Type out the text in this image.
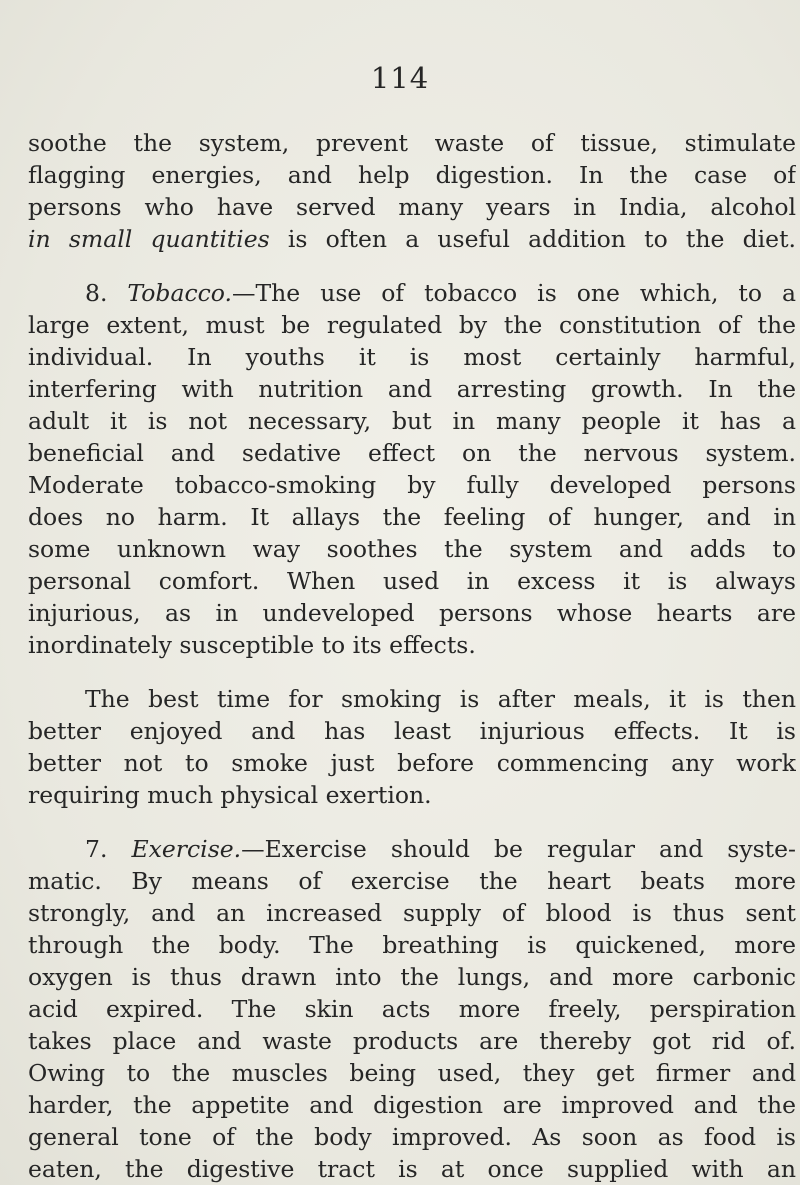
114
soothe the system, prevent waste of tissue, stimulate
flagging energies, and help digestion. In the case of
persons who have served many years in India, alcohol
in small quantities is often a useful addition to the diet.
8. Tobacco.—The use of tobacco is one which, to a
large extent, must be regulated by the constitution of the
individual. In youths it is most certainly harmful,
interfering with nutrition and arresting growth. In the
adult it is not necessary, but in many people it has a
beneficial and sedative effect on the nervous system.
Moderate tobacco-smoking by fully developed persons
does no harm. It allays the feeling of hunger, and in
some unknown way soothes the system and adds to
personal comfort. When used in excess it is always
injurious, as in undeveloped persons whose hearts are
inordinately susceptible to its effects.
The best time for smoking is after meals, it is then
better enjoyed and has least injurious effects. It is
better not to smoke just before commencing any work
requiring much physical exertion.
7. Exercise.—Exercise should be regular and syste-
matic. By means of exercise the heart beats more
strongly, and an increased supply of blood is thus sent
through the body. The breathing is quickened, more
oxygen is thus drawn into the lungs, and more carbonic
acid expired. The skin acts more freely, perspiration
takes place and waste products are thereby got rid of.
Owing to the muscles being used, they get firmer and
harder, the appetite and digestion are improved and the
general tone of the body improved. As soon as food is
eaten, the digestive tract is at once supplied with an
